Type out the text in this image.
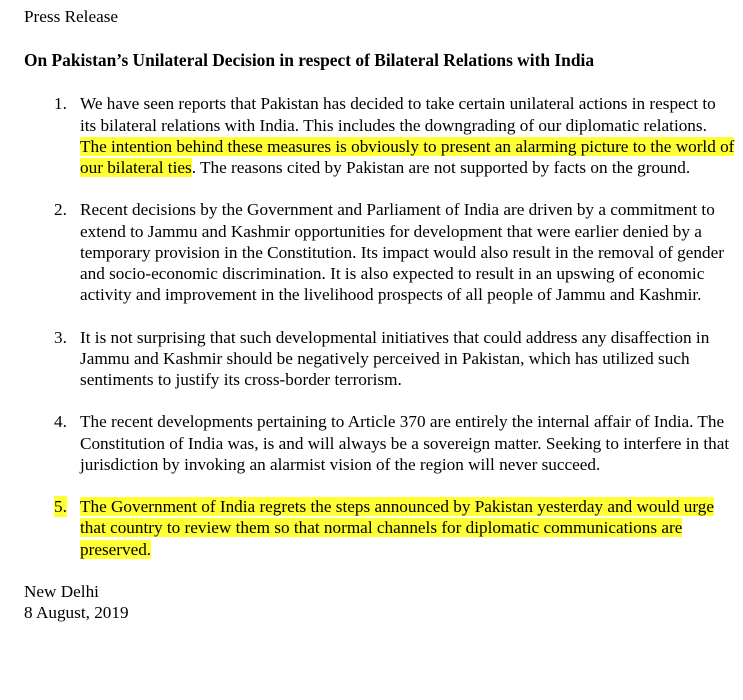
Press Release

On Pakistan’s Unilateral Decision in respect of Bilateral Relations with India

1. We have seen reports that Pakistan has decided to take certain unilateral actions in respect to its bilateral relations with India. This includes the downgrading of our diplomatic relations. The intention behind these measures is obviously to present an alarming picture to the world of our bilateral ties. The reasons cited by Pakistan are not supported by facts on the ground.
2. Recent decisions by the Government and Parliament of India are driven by a commitment to extend to Jammu and Kashmir opportunities for development that were earlier denied by a temporary provision in the Constitution. Its impact would also result in the removal of gender and socio-economic discrimination. It is also expected to result in an upswing of economic activity and improvement in the livelihood prospects of all people of Jammu and Kashmir.
3. It is not surprising that such developmental initiatives that could address any disaffection in Jammu and Kashmir should be negatively perceived in Pakistan, which has utilized such sentiments to justify its cross-border terrorism.
4. The recent developments pertaining to Article 370 are entirely the internal affair of India. The Constitution of India was, is and will always be a sovereign matter. Seeking to interfere in that jurisdiction by invoking an alarmist vision of the region will never succeed.
5. The Government of India regrets the steps announced by Pakistan yesterday and would urge that country to review them so that normal channels for diplomatic communications are preserved.
New Delhi
8 August, 2019
